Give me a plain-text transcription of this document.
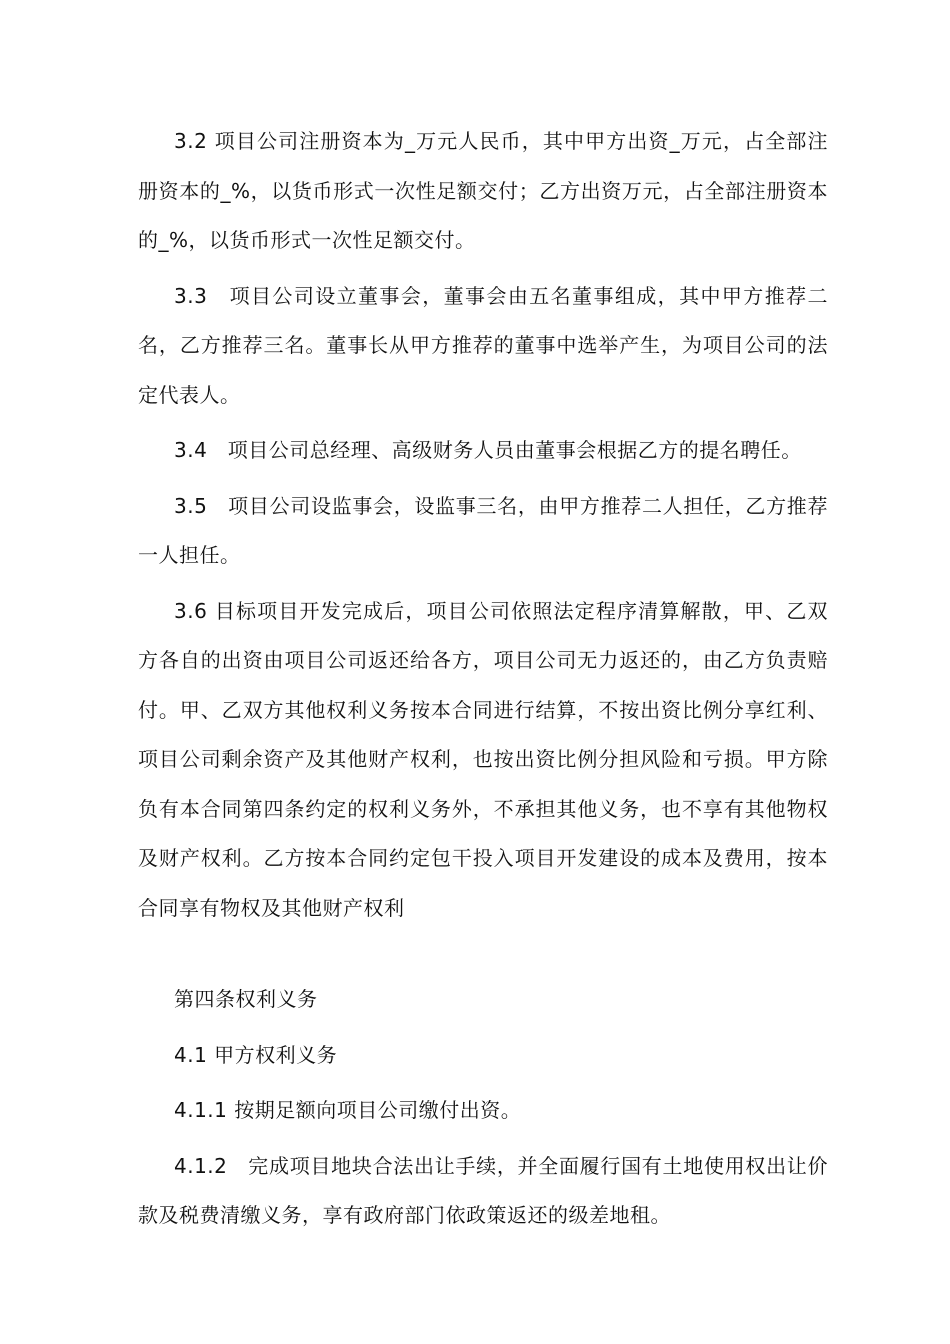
3.2 项目公司注册资本为_万元人民币，其中甲方出资_万元，占全部注册资本的_%，以货币形式一次性足额交付；乙方出资万元，占全部注册资本的_%，以货币形式一次性足额交付。

3.3　项目公司设立董事会，董事会由五名董事组成，其中甲方推荐二名，乙方推荐三名。董事长从甲方推荐的董事中选举产生，为项目公司的法定代表人。

3.4　项目公司总经理、高级财务人员由董事会根据乙方的提名聘任。

3.5　项目公司设监事会，设监事三名，由甲方推荐二人担任，乙方推荐一人担任。

3.6 目标项目开发完成后，项目公司依照法定程序清算解散，甲、乙双方各自的出资由项目公司返还给各方，项目公司无力返还的，由乙方负责赔付。甲、乙双方其他权利义务按本合同进行结算，不按出资比例分享红利、项目公司剩余资产及其他财产权利，也按出资比例分担风险和亏损。甲方除负有本合同第四条约定的权利义务外，不承担其他义务，也不享有其他物权及财产权利。乙方按本合同约定包干投入项目开发建设的成本及费用，按本合同享有物权及其他财产权利

第四条权利义务

4.1 甲方权利义务

4.1.1 按期足额向项目公司缴付出资。

4.1.2　完成项目地块合法出让手续，并全面履行国有土地使用权出让价款及税费清缴义务，享有政府部门依政策返还的级差地租。
